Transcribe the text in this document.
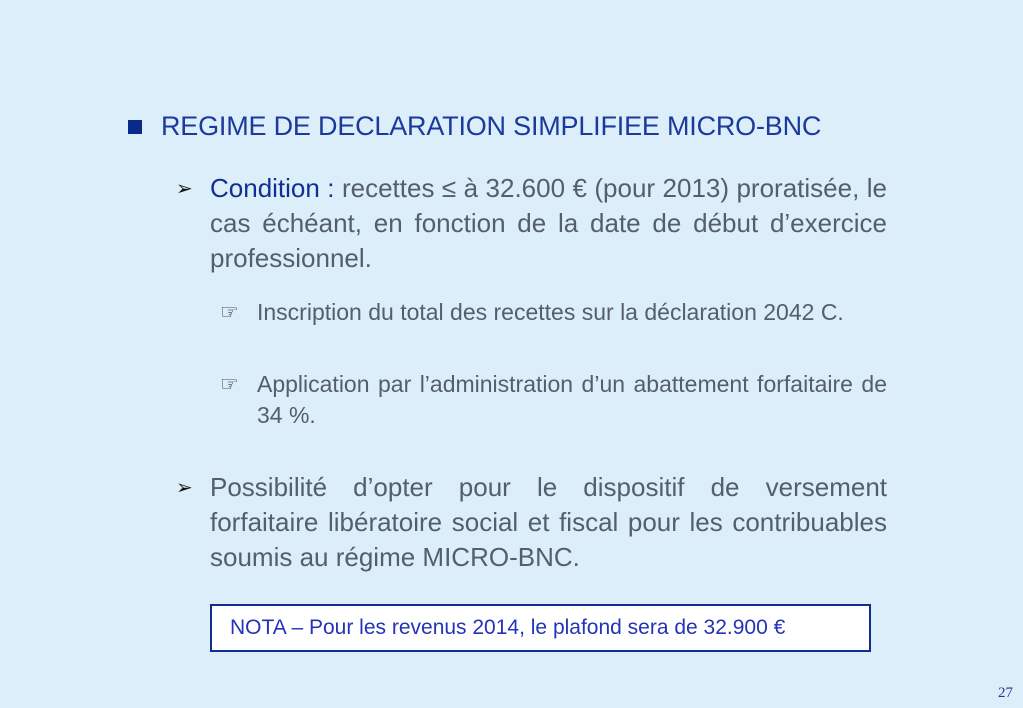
REGIME DE DECLARATION SIMPLIFIEE MICRO-BNC
➢ Condition : recettes ≤ à 32.600 € (pour 2013) proratisée, le cas échéant, en fonction de la date de début d’exercice professionnel.
☞ Inscription du total des recettes sur la déclaration 2042 C.
☞ Application par l’administration d’un abattement forfaitaire de 34 %.
➢ Possibilité d’opter pour le dispositif de versement forfaitaire libératoire social et fiscal pour les contribuables soumis au régime MICRO-BNC.
NOTA – Pour les revenus 2014, le plafond sera de 32.900 €
27
